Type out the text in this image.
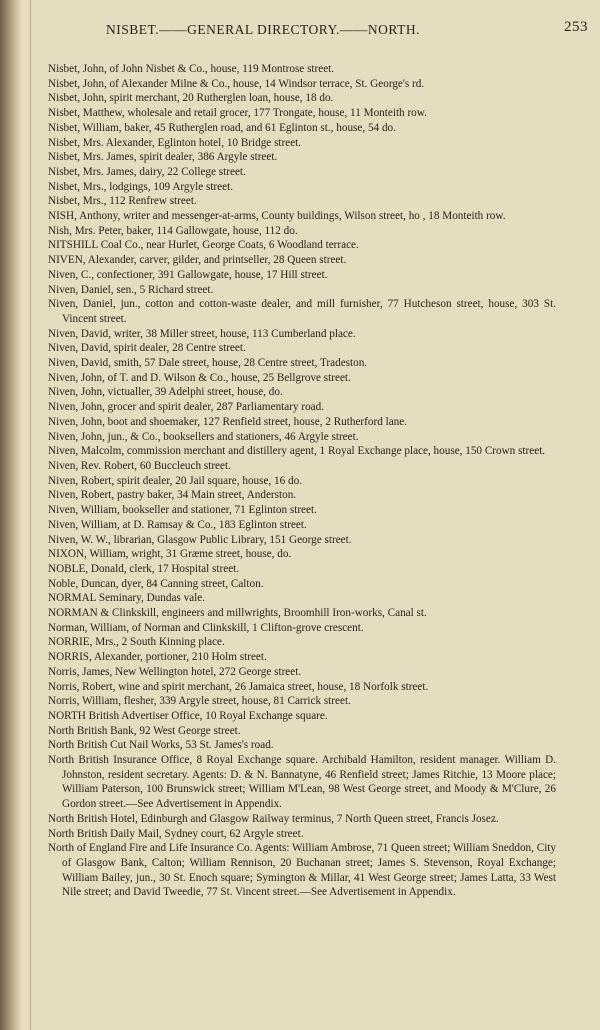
NISBET.——GENERAL DIRECTORY.——NORTH.	253
Nisbet, John, of John Nisbet & Co., house, 119 Montrose street.
Nisbet, John, of Alexander Milne & Co., house, 14 Windsor terrace, St. George's rd.
Nisbet, John, spirit merchant, 20 Rutherglen loan, house, 18 do.
Nisbet, Matthew, wholesale and retail grocer, 177 Trongate, house, 11 Monteith row.
Nisbet, William, baker, 45 Rutherglen road, and 61 Eglinton st., house, 54 do.
Nisbet, Mrs. Alexander, Eglinton hotel, 10 Bridge street.
Nisbet, Mrs. James, spirit dealer, 386 Argyle street.
Nisbet, Mrs. James, dairy, 22 College street.
Nisbet, Mrs., lodgings, 109 Argyle street.
Nisbet, Mrs., 112 Renfrew street.
NISH, Anthony, writer and messenger-at-arms, County buildings, Wilson street, ho , 18 Monteith row.
Nish, Mrs. Peter, baker, 114 Gallowgate, house, 112 do.
NITSHILL Coal Co., near Hurlet, George Coats, 6 Woodland terrace.
NIVEN, Alexander, carver, gilder, and printseller, 28 Queen street.
Niven, C., confectioner, 391 Gallowgate, house, 17 Hill street.
Niven, Daniel, sen., 5 Richard street.
Niven, Daniel, jun., cotton and cotton-waste dealer, and mill furnisher, 77 Hutcheson street, house, 303 St. Vincent street.
Niven, David, writer, 38 Miller street, house, 113 Cumberland place.
Niven, David, spirit dealer, 28 Centre street.
Niven, David, smith, 57 Dale street, house, 28 Centre street, Tradeston.
Niven, John, of T. and D. Wilson & Co., house, 25 Bellgrove street.
Niven, John, victualler, 39 Adelphi street, house, do.
Niven, John, grocer and spirit dealer, 287 Parliamentary road.
Niven, John, boot and shoemaker, 127 Renfield street, house, 2 Rutherford lane.
Niven, John, jun., & Co., booksellers and stationers, 46 Argyle street.
Niven, Malcolm, commission merchant and distillery agent, 1 Royal Exchange place, house, 150 Crown street.
Niven, Rev. Robert, 60 Buccleuch street.
Niven, Robert, spirit dealer, 20 Jail square, house, 16 do.
Niven, Robert, pastry baker, 34 Main street, Anderston.
Niven, William, bookseller and stationer, 71 Eglinton street.
Niven, William, at D. Ramsay & Co., 183 Eglinton street.
Niven, W. W., librarian, Glasgow Public Library, 151 George street.
NIXON, William, wright, 31 Græme street, house, do.
NOBLE, Donald, clerk, 17 Hospital street.
Noble, Duncan, dyer, 84 Canning street, Calton.
NORMAL Seminary, Dundas vale.
NORMAN & Clinkskill, engineers and millwrights, Broomhill Iron-works, Canal st.
Norman, William, of Norman and Clinkskill, 1 Clifton-grove crescent.
NORRIE, Mrs., 2 South Kinning place.
NORRIS, Alexander, portioner, 210 Holm street.
Norris, James, New Wellington hotel, 272 George street.
Norris, Robert, wine and spirit merchant, 26 Jamaica street, house, 18 Norfolk street.
Norris, William, flesher, 339 Argyle street, house, 81 Carrick street.
NORTH British Advertiser Office, 10 Royal Exchange square.
North British Bank, 92 West George street.
North British Cut Nail Works, 53 St. James's road.
North British Insurance Office, 8 Royal Exchange square. Archibald Hamilton, resident manager. William D. Johnston, resident secretary. Agents: D. & N. Bannatyne, 46 Renfield street; James Ritchie, 13 Moore place; William Paterson, 100 Brunswick street; William M'Lean, 98 West George street, and Moody & M'Clure, 26 Gordon street.—See Advertisement in Appendix.
North British Hotel, Edinburgh and Glasgow Railway terminus, 7 North Queen street, Francis Josez.
North British Daily Mail, Sydney court, 62 Argyle street.
North of England Fire and Life Insurance Co. Agents: William Ambrose, 71 Queen street; William Sneddon, City of Glasgow Bank, Calton; William Rennison, 20 Buchanan street; James S. Stevenson, Royal Exchange; William Bailey, jun., 30 St. Enoch square; Symington & Millar, 41 West George street; James Latta, 33 West Nile street; and David Tweedie, 77 St. Vincent street.—See Advertisement in Appendix.
